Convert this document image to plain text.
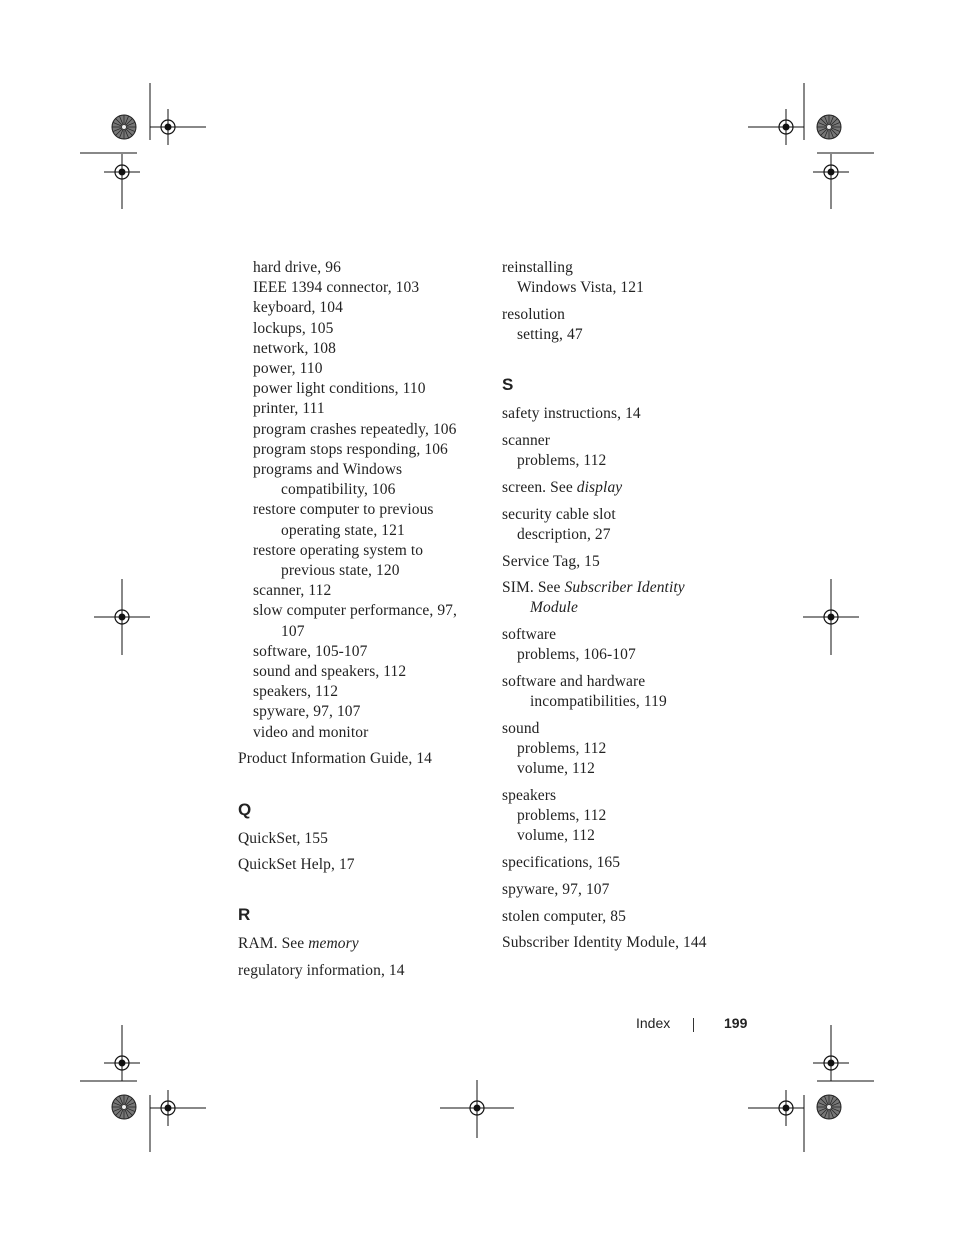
hard drive, 96
IEEE 1394 connector, 103
keyboard, 104
lockups, 105
network, 108
power, 110
power light conditions, 110
printer, 111
program crashes repeatedly, 106
program stops responding, 106
programs and Windows
compatibility, 106
restore computer to previous
operating state, 121
restore operating system to
previous state, 120
scanner, 112
slow computer performance, 97,
107
software, 105-107
sound and speakers, 112
speakers, 112
spyware, 97, 107
video and monitor
Product Information Guide, 14
Q
QuickSet, 155
QuickSet Help, 17
R
RAM. See memory
regulatory information, 14
reinstalling
Windows Vista, 121
resolution
setting, 47
S
safety instructions, 14
scanner
problems, 112
screen. See display
security cable slot
description, 27
Service Tag, 15
SIM. See Subscriber Identity
Module
software
problems, 106-107
software and hardware
incompatibilities, 119
sound
problems, 112
volume, 112
speakers
problems, 112
volume, 112
specifications, 165
spyware, 97, 107
stolen computer, 85
Subscriber Identity Module, 144
Index	199
